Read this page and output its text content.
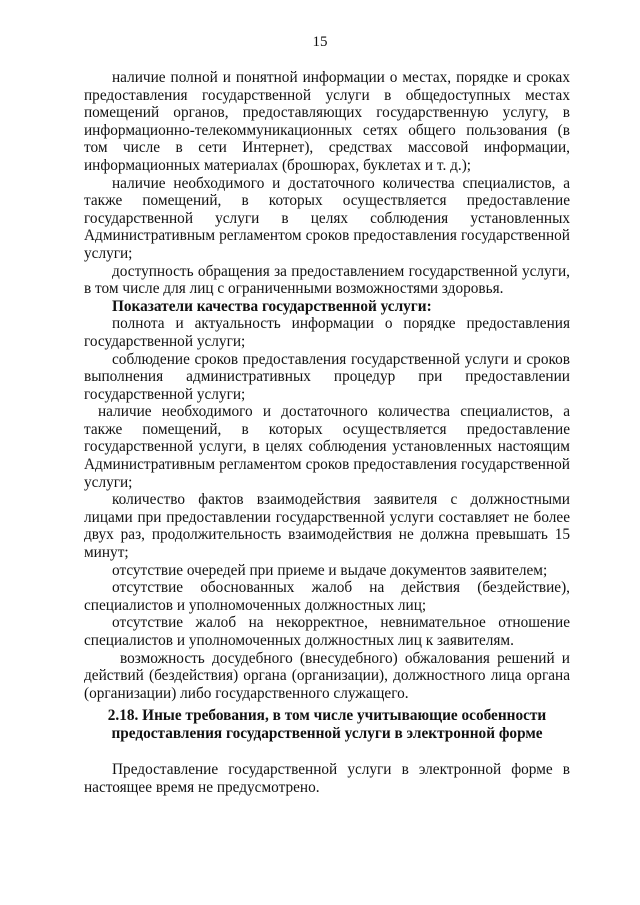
15

наличие полной и понятной информации о местах, порядке и сроках предоставления государственной услуги в общедоступных местах помещений органов, предоставляющих государственную услугу, в информационно-телекоммуникационных сетях общего пользования (в том числе в сети Интернет), средствах массовой информации, информационных материалах (брошюрах, буклетах и т. д.);

наличие необходимого и достаточного количества специалистов, а также помещений, в которых осуществляется предоставление государственной услуги в целях соблюдения установленных Административным регламентом сроков предоставления государственной услуги;

доступность обращения за предоставлением государственной услуги, в том числе для лиц с ограниченными возможностями здоровья.

Показатели качества государственной услуги:

полнота и актуальность информации о порядке предоставления государственной услуги;

соблюдение сроков предоставления государственной услуги и сроков выполнения административных процедур при предоставлении государственной услуги;

наличие необходимого и достаточного количества специалистов, а также помещений, в которых осуществляется предоставление государственной услуги, в целях соблюдения установленных настоящим Административным регламентом сроков предоставления государственной услуги;

количество фактов взаимодействия заявителя с должностными лицами при предоставлении государственной услуги составляет не более двух раз, продолжительность взаимодействия не должна превышать 15 минут;

отсутствие очередей при приеме и выдаче документов заявителем;

отсутствие обоснованных жалоб на действия (бездействие), специалистов и уполномоченных должностных лиц;

отсутствие жалоб на некорректное, невнимательное отношение специалистов и уполномоченных должностных лиц к заявителям.

возможность досудебного (внесудебного) обжалования решений и действий (бездействия) органа (организации), должностного лица органа (организации) либо государственного служащего.

2.18. Иные требования, в том числе учитывающие особенности предоставления государственной услуги в электронной форме

Предоставление государственной услуги в электронной форме в настоящее время не предусмотрено.
